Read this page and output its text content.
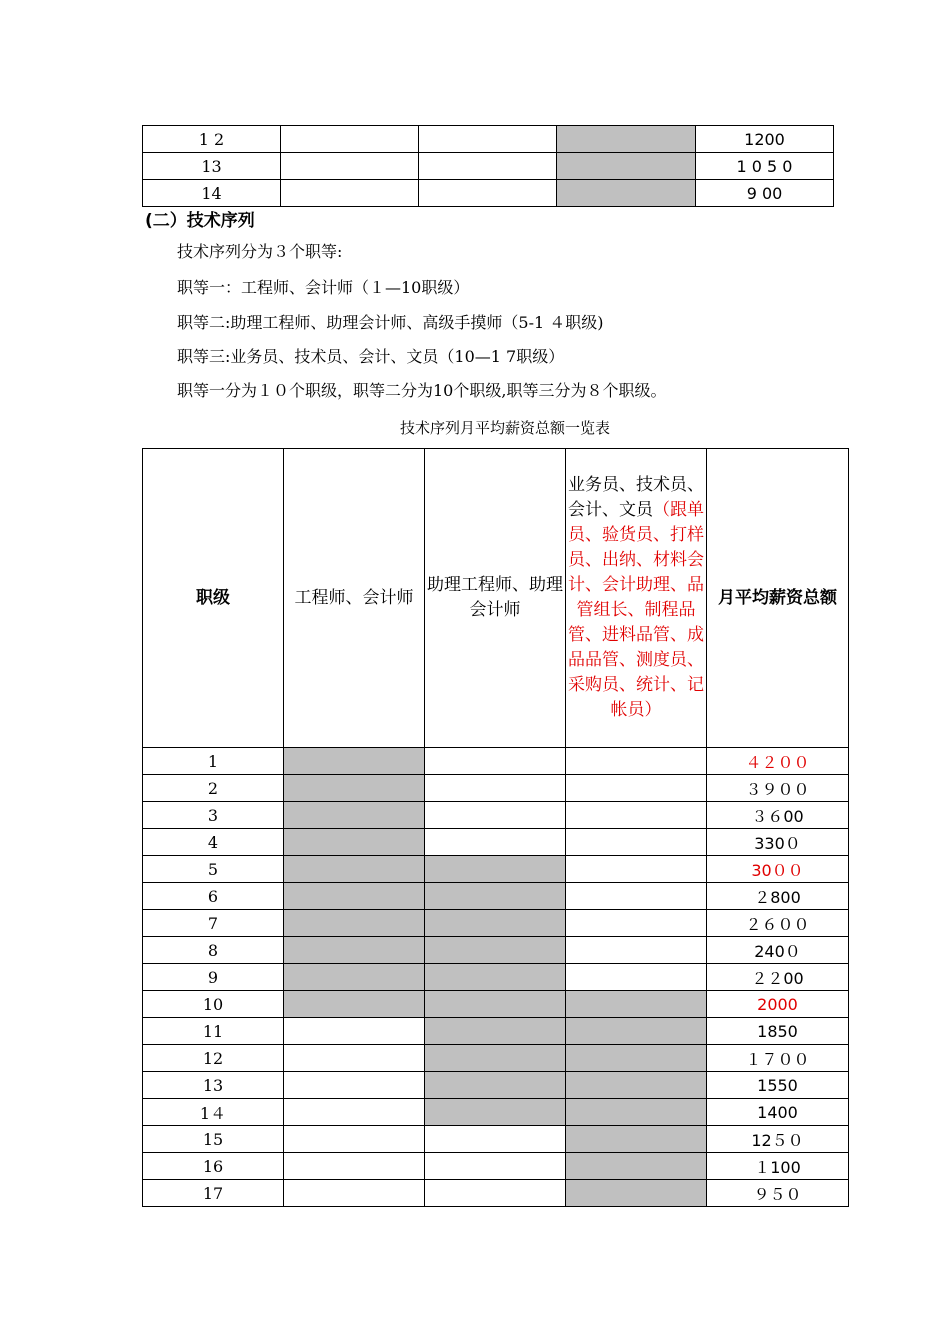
1 2				1200
13				1 0 5 0
14				9 00
(二）技术序列
技术序列分为３个职等:
职等一：工程师、会计师（１—10职级）
职等二:助理工程师、助理会计师、高级手摸师（5-1 ４职级)
职等三:业务员、技术员、会计、文员（10—1 7职级）
职等一分为１０个职级，职等二分为10个职级,职等三分为８个职级。
技术序列月平均薪资总额一览表
职级	工程师、会计师	助理工程师、助理会计师	业务员、技术员、会计、文员（跟单员、验货员、打样员、出纳、材料会计、会计助理、品管组长、制程品管、进料品管、成品品管、测度员、采购员、统计、记帐员）	月平均薪资总额
1				４２００
2				３９００
3				３６00
4				330０
5				30００
6				２800
7				２６００
8				240０
9				２２00
10				2000
11				1850
12				１７００
13				1550
1４				1400
15				12５０
16				１100
17				９５０
